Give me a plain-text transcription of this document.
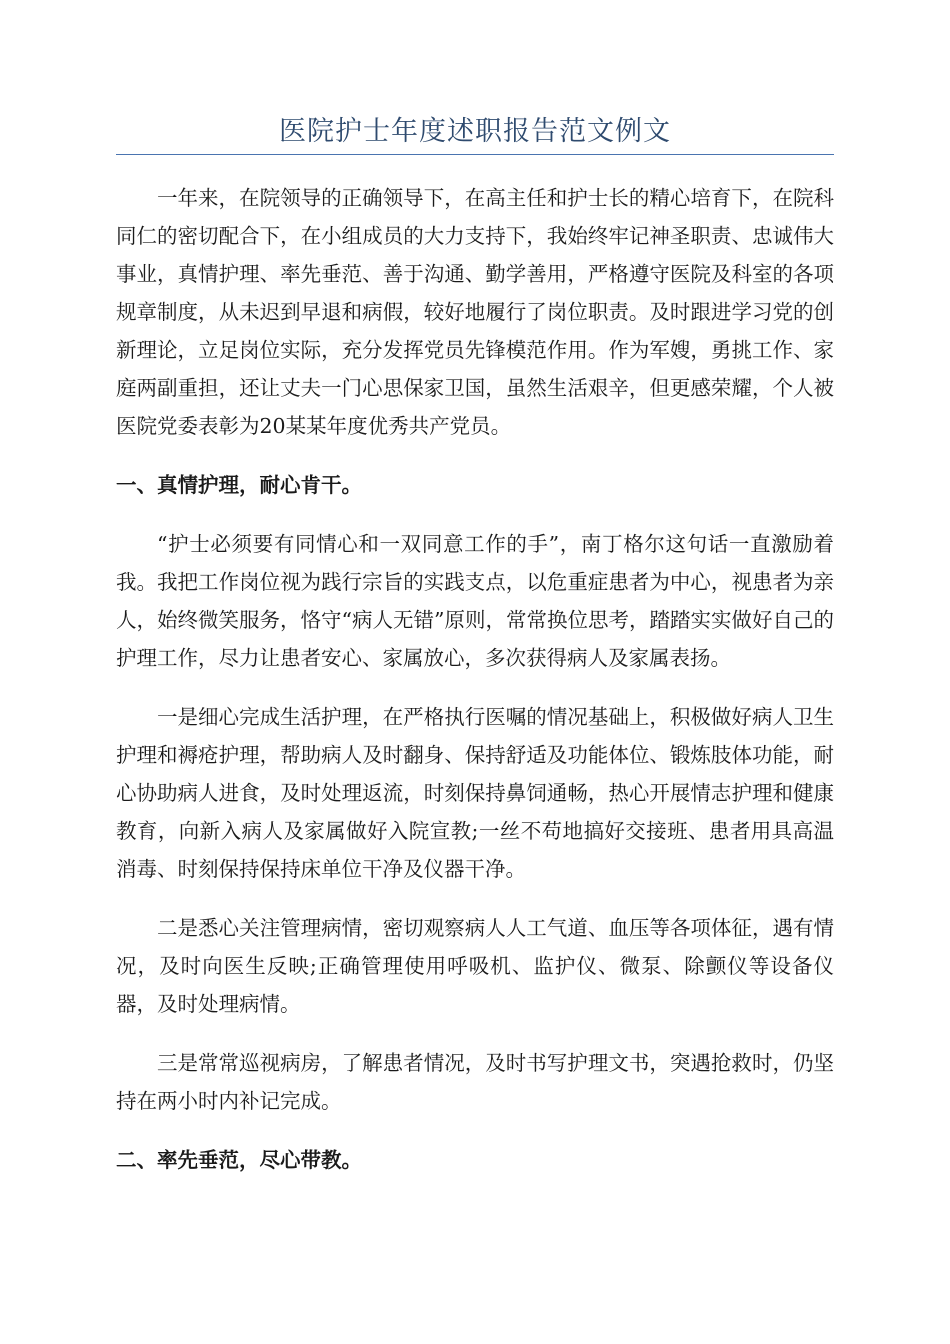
医院护士年度述职报告范文例文

一年来，在院领导的正确领导下，在高主任和护士长的精心培育下，在院科同仁的密切配合下，在小组成员的大力支持下，我始终牢记神圣职责、忠诚伟大事业，真情护理、率先垂范、善于沟通、勤学善用，严格遵守医院及科室的各项规章制度，从未迟到早退和病假，较好地履行了岗位职责。及时跟进学习党的创新理论，立足岗位实际，充分发挥党员先锋模范作用。作为军嫂，勇挑工作、家庭两副重担，还让丈夫一门心思保家卫国，虽然生活艰辛，但更感荣耀，个人被医院党委表彰为20某某年度优秀共产党员。

一、真情护理，耐心肯干。

“护士必须要有同情心和一双同意工作的手”，南丁格尔这句话一直激励着我。我把工作岗位视为践行宗旨的实践支点，以危重症患者为中心，视患者为亲人，始终微笑服务，恪守“病人无错”原则，常常换位思考，踏踏实实做好自己的护理工作，尽力让患者安心、家属放心，多次获得病人及家属表扬。

一是细心完成生活护理，在严格执行医嘱的情况基础上，积极做好病人卫生护理和褥疮护理，帮助病人及时翻身、保持舒适及功能体位、锻炼肢体功能，耐心协助病人进食，及时处理返流，时刻保持鼻饲通畅，热心开展情志护理和健康教育，向新入病人及家属做好入院宣教;一丝不苟地搞好交接班、患者用具高温消毒、时刻保持保持床单位干净及仪器干净。

二是悉心关注管理病情，密切观察病人人工气道、血压等各项体征，遇有情况，及时向医生反映;正确管理使用呼吸机、监护仪、微泵、除颤仪等设备仪器，及时处理病情。

三是常常巡视病房，了解患者情况，及时书写护理文书，突遇抢救时，仍坚持在两小时内补记完成。

二、率先垂范，尽心带教。
